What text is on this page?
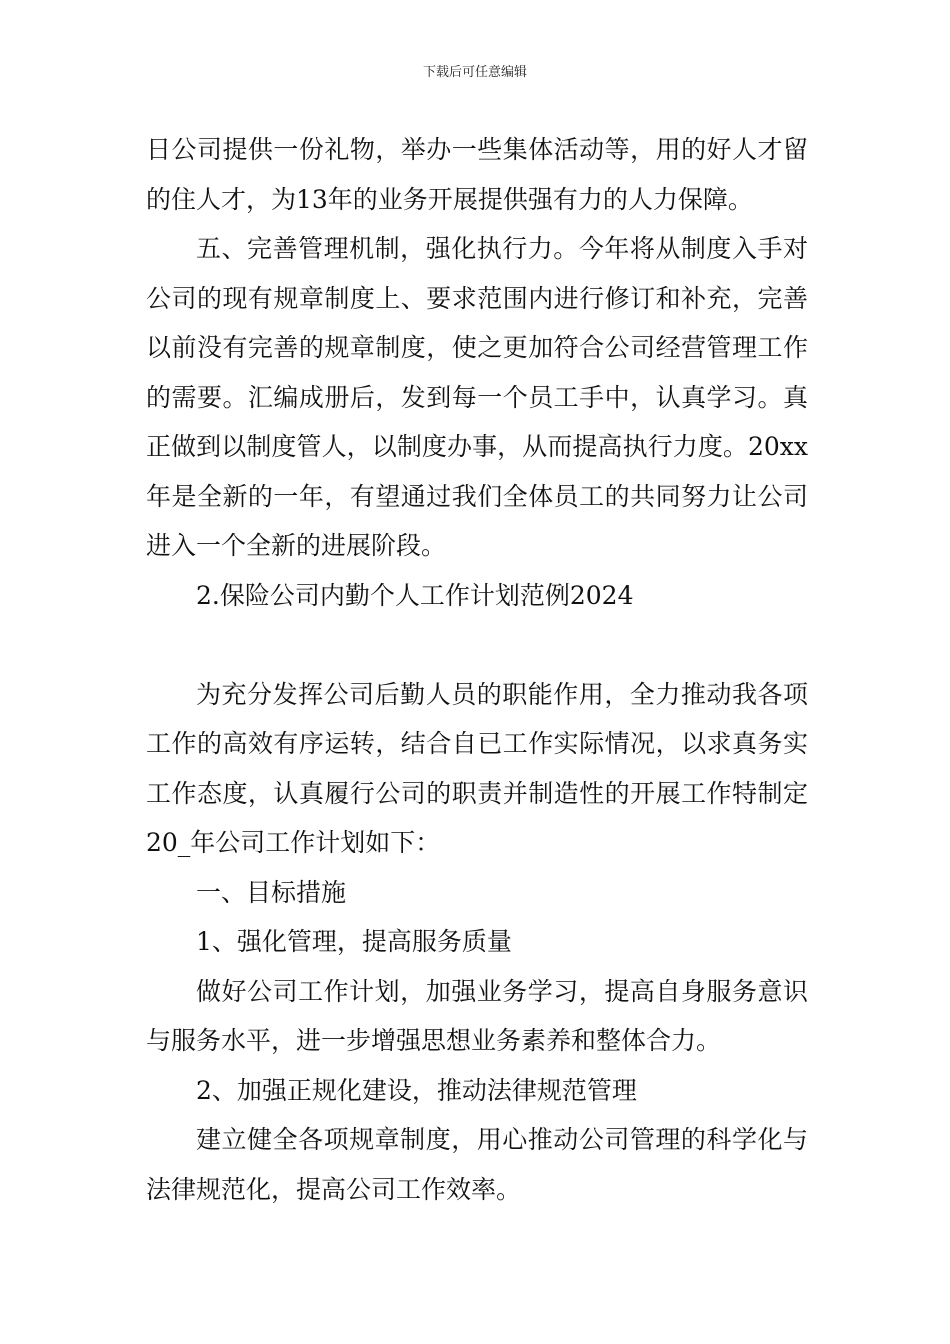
下载后可任意编辑

日公司提供一份礼物，举办一些集体活动等，用的好人才留的住人才，为13年的业务开展提供强有力的人力保障。

五、完善管理机制，强化执行力。今年将从制度入手对公司的现有规章制度上、要求范围内进行修订和补充，完善以前没有完善的规章制度，使之更加符合公司经营管理工作的需要。汇编成册后，发到每一个员工手中，认真学习。真正做到以制度管人，以制度办事，从而提高执行力度。20xx年是全新的一年，有望通过我们全体员工的共同努力让公司进入一个全新的进展阶段。

2.保险公司内勤个人工作计划范例2024

为充分发挥公司后勤人员的职能作用，全力推动我各项工作的高效有序运转，结合自已工作实际情况，以求真务实工作态度，认真履行公司的职责并制造性的开展工作特制定20_年公司工作计划如下：

一、目标措施

1、强化管理，提高服务质量

做好公司工作计划，加强业务学习，提高自身服务意识与服务水平，进一步增强思想业务素养和整体合力。

2、加强正规化建设，推动法律规范管理

建立健全各项规章制度，用心推动公司管理的科学化与法律规范化，提高公司工作效率。
